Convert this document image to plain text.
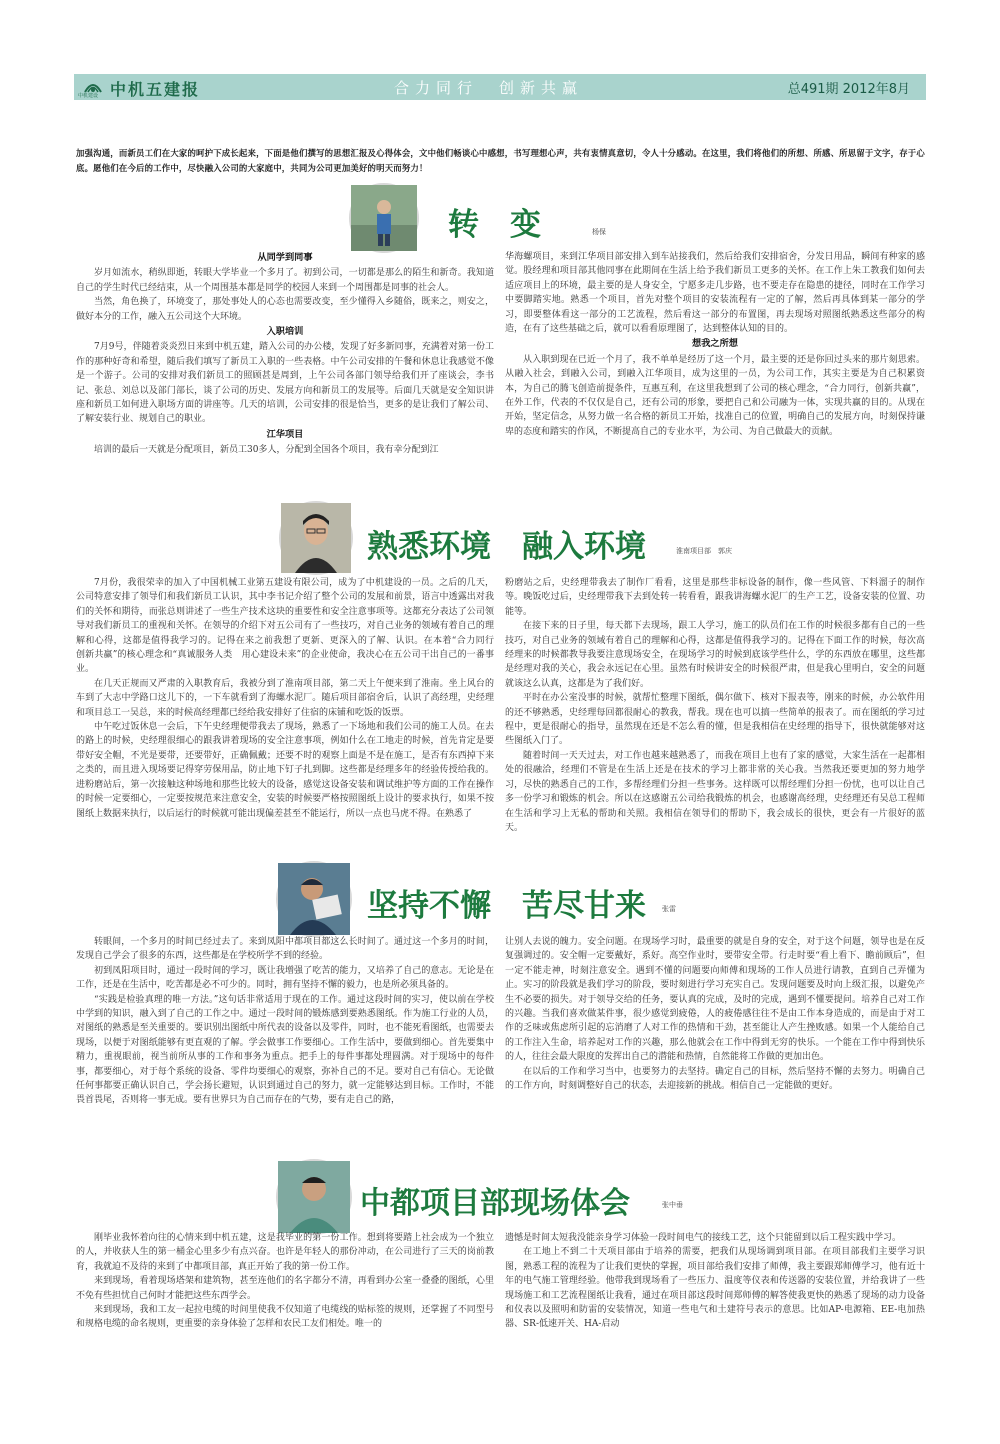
中机建设 中机五建报	合力同行　创新共赢	总491期 2012年8月
加强沟通，而新员工们在大家的呵护下成长起来，下面是他们撰写的思想汇报及心得体会，文中他们畅谈心中感想，书写理想心声，共有衷情真意切，令人十分感动。在这里，我们将他们的所想、所感、所思留于文字，存于心底。愿他们在今后的工作中，尽快融入公司的大家庭中，共同为公司更加美好的明天而努力！
转　变	杨保

从同学到同事

岁月如流水，稍纵即逝，转眼大学毕业一个多月了。初到公司，一切都是那么的陌生和新奇。我知道自己的学生时代已经结束，从一个周围基本都是同学的校园人来到一个周围都是同事的社会人。

当然，角色换了，环境变了，那处事处人的心态也需要改变，至少懂得入乡随俗，既来之，则安之，做好本分的工作，融入五公司这个大环境。

入职培训

7月9号，伴随着炎炎烈日来到中机五建，踏入公司的办公楼，发现了好多新同事，充满着对第一份工作的那种好奇和希望，随后我们填写了新员工入职的一些表格。中午公司安排的午餐和休息让我感觉不像是一个游子。公司的安排对我们新员工的照顾甚是周到，上午公司各部门领导给我们开了座谈会，李书记、张总、刘总以及部门部长，谈了公司的历史、发展方向和新员工的发展等。后面几天就是安全知识讲座和新员工如何进入职场方面的讲座等。几天的培训，公司安排的很是恰当，更多的是让我们了解公司、了解安装行业、规划自己的职业。

江华项目

培训的最后一天就是分配项目，新员工30多人，分配到全国各个项目，我有幸分配到江

华海螺项目，来到江华项目部安排入到车站接我们，然后给我们安排宿舍，分发日用品，瞬间有种家的感觉。股经理和项目部其他同事在此期间在生活上给予我们新员工更多的关怀。在工作上朱工教我们如何去适应项目上的环境，最主要的是人身安全，宁愿多走几步路，也不要走存在隐患的捷径，同时在工作学习中要脚踏实地。熟悉一个项目，首先对整个项目的安装流程有一定的了解，然后再具体到某一部分的学习，即要整体看这一部分的工艺流程，然后看这一部分的布置图，再去现场对照图纸熟悉这些部分的构造，在有了这些基础之后，就可以看看原理图了，达到整体认知的目的。

想我之所想

从入职到现在已近一个月了，我不单单是经历了这一个月，最主要的还是你回过头来的那片刻思索。从融入社会，到融入公司，到融入江华项目，成为这里的一员，为公司工作，其实主要是为自己积累资本，为自己的腾飞创造前提条件，互惠互利，在这里我想到了公司的核心理念，“合力同行，创新共赢”，在外工作，代表的不仅仅是自己，还有公司的形象，要把自己和公司融为一体，实现共赢的目的。从现在开始，坚定信念，从努力做一名合格的新员工开始，找准自己的位置，明确自己的发展方向，时刻保持谦卑的态度和踏实的作风，不断提高自己的专业水平，为公司、为自己做最大的贡献。

熟悉环境　融入环境	淮南项目部　郭庆

7月份，我很荣幸的加入了中国机械工业第五建设有限公司，成为了中机建设的一员。之后的几天，公司特意安排了领导们和我们新员工认识，其中李书记介绍了整个公司的发展和前景，语言中透露出对我们的关怀和期待，而张总则讲述了一些生产技术这块的重要性和安全注意事项等。这都充分表达了公司领导对我们新员工的重视和关怀。在领导的介绍下对五公司有了一些技巧，对自己业务的领域有着自己的理解和心得，这都是值得我学习的。记得在来之前我想了更新、更深入的了解、认识。在本着“合力同行　创新共赢”的核心理念和“真诚服务人类　用心建设未来”的企业使命，我决心在五公司干出自己的一番事业。

在几天正规而又严肃的入职教育后，我被分到了淮南项目部，第二天上午便来到了淮南。坐上风台的车到了大志中学路口这儿下的，一下车就看到了海螺水泥厂。随后项目部宿舍后，认识了高经理，史经理和项目总工一吴总，来的时候高经理都已经给我安排好了住宿的床铺和吃饭的饭票。

中午吃过饭休息一会后，下午史经理便带我去了现场，熟悉了一下场地和我们公司的施工人员。在去的路上的时候，史经理很细心的跟我讲着现场的安全注意事项，例如什么在工地走的时候，首先肯定是要带好安全帽，不光是要带，还要带好，正确佩戴；还要不时的观察上面是不是在施工，是否有东西掉下来之类的，而且进入现场要记得穿劳保用品，防止地下钉子扎到脚。这些都是经理多年的经验传授给我的。进粉磨站后，第一次接触这种场地和那些比较大的设备，感觉这设备安装和调试维护等方面的工作在操作的时候一定要细心，一定要按规范来注意安全，安装的时候要严格按照图纸上设计的要求执行，如果不按图纸上数据来执行，以后运行的时候就可能出现偏差甚至不能运行，所以一点也马虎不得。在熟悉了

粉磨站之后，史经理带我去了制作厂看看，这里是那些非标设备的制作，像一些风管、下料溜子的制作等。晚饭吃过后，史经理带我下去到处转一转看看，跟我讲海螺水泥厂的生产工艺，设备安装的位置、功能等。

在接下来的日子里，每天都下去现场，跟工人学习，施工的队员们在工作的时候很多都有自己的一些技巧，对自己业务的领域有着自己的理解和心得，这都是值得我学习的。记得在下面工作的时候，每次高经理来的时候都教导我要注意现场安全，在现场学习的时候到底该学些什么，学的东西放在哪里，这些都是经理对我的关心，我会永远记在心里。虽然有时候讲安全的时候很严肃，但是我心里明白，安全的问题就该这么认真，这都是为了我们好。

平时在办公室没事的时候，就帮忙整理下图纸，偶尔做下、核对下报表等，刚来的时候，办公软件用的还不够熟悉，史经理每回都很耐心的教我，帮我。现在也可以搞一些简单的报表了。而在图纸的学习过程中，更是很耐心的指导，虽然现在还是不怎么看的懂，但是我相信在史经理的指导下，很快就能够对这些图纸入门了。

随着时间一天天过去，对工作也越来越熟悉了，而我在项目上也有了家的感觉，大家生活在一起都相处的很融洽，经理们不管是在生活上还是在技术的学习上都非常的关心我。当然我还要更加的努力地学习，尽快的熟悉自己的工作，多帮经理们分担一些事务。这样既可以帮经理们分担一份忧，也可以让自己多一份学习和锻炼的机会。所以在这感谢五公司给我锻炼的机会，也感谢高经理，史经理还有吴总工程师在生活和学习上无私的帮助和关照。我相信在领导们的帮助下，我会成长的很快，更会有一片很好的蓝天。

坚持不懈　苦尽甘来 张雷

转眼间，一个多月的时间已经过去了。来到凤阳中都项目都这么长时间了。通过这一个多月的时间，发现自己学会了很多的东西，这些都是在学校所学不到的经验。

初到凤阳项目时，通过一段时间的学习，既让我增强了吃苦的能力，又培养了自己的意志。无论是在工作，还是在生活中，吃苦都是必不可少的。同时，拥有坚持不懈的毅力，也是所必须具备的。

“实践是检验真理的唯一方法。”这句话非常适用于现在的工作。通过这段时间的实习，使以前在学校中学到的知识，融入到了自己的工作之中。通过一段时间的锻炼感到要熟悉图纸。作为施工行业的人员，对图纸的熟悉是至关重要的。要识别出图纸中所代表的设备以及零件，同时，也不能死看图纸，也需要去现场，以便于对图纸能够有更直观的了解。学会做事工作要细心。工作生活中，要做到细心。首先要集中精力，重视眼前，视当前所从事的工作和事务为重点。把手上的每件事都处理圆满。对于现场中的每件事，都要细心，对于每个系统的设备、零件均要细心的观察，弥补自己的不足。要对自己有信心。无论做任何事都要正确认识自己，学会扬长避短，认识到通过自己的努力，就一定能够达到目标。工作时，不能畏首畏尾，否则将一事无成。要有世界只为自己而存在的气势，要有走自己的路，

让别人去说的魄力。安全问题。在现场学习时，最重要的就是自身的安全，对于这个问题，领导也是在反复强调过的。安全帽一定要戴好，系好。高空作业时，要带安全带。行走时要“看上看下、瞻前顾后”，但一定不能走神，时刻注意安全。遇到不懂的问题要向师傅和现场的工作人员进行请教，直到自己弄懂为止。实习的阶段就是我们学习的阶段，要时刻进行学习充实自己。发现问题要及时向上级汇报，以避免产生不必要的损失。对于领导交给的任务，要认真的完成，及时的完成，遇到不懂要提问。培养自己对工作的兴趣。当我们喜欢做某件事，很少感觉到疲倦，人的疲倦感往往不是由工作本身造成的，而是由于对工作的乏味或焦虑所引起的忘消磨了人对工作的热情和干劲，甚至能让人产生挫败感。如果一个人能给自己的工作注入生命，培养起对工作的兴趣，那么他就会在工作中得到无穷的快乐。一个能在工作中得到快乐的人，往往会最大限度的发挥出自己的潜能和热情，自然能将工作做的更加出色。

在以后的工作和学习当中，也要努力的去坚持。确定自己的目标，然后坚持不懈的去努力。明确自己的工作方向，时刻调整好自己的状态，去迎接新的挑战。相信自己一定能做的更好。

中都项目部现场体会	张中垂

刚毕业我怀着向往的心情来到中机五建，这是我毕业的第一份工作。想到将要踏上社会成为一个独立的人，并收获人生的第一桶金心里多少有点兴奋。也许是年轻人的那份冲动，在公司进行了三天的岗前教育，我就迫不及待的来到了中都项目部，真正开始了我的第一份工作。

来到现场，看着现场塔架和建筑物，甚至连他们的名字都分不清，再看到办公室一叠叠的图纸，心里不免有些担忧自己何时才能把这些东西学会。

来到现场，我和工友一起拉电缆的时间里使我不仅知道了电缆线的贴标签的规则，还掌握了不同型号和规格电缆的命名规则，更重要的亲身体验了怎样和农民工友们相处。唯一的

遗憾是时间太短我没能亲身学习体验一段时间电气的接线工艺，这个只能留到以后工程实践中学习。

在工地上不到二十天项目部由于培养的需要，把我们从现场调到项目部。在项目部我们主要学习识图，熟悉工程的流程为了让我们更快的掌握，项目部给我们安排了师傅，我主要跟郑师傅学习，他有近十年的电气施工管理经验。他带我到现场看了一些压力、温度等仪表和传送器的安装位置，并给我讲了一些现场施工和工艺流程图纸让我看，通过在项目部这段时间郑师傅的解答使我更快的熟悉了现场的动力设备和仪表以及照明和防雷的安装情况，知道一些电气和土建符号表示的意思。比如AP-电源箱、EE-电加热器、SR-低速开关、HA-启动
